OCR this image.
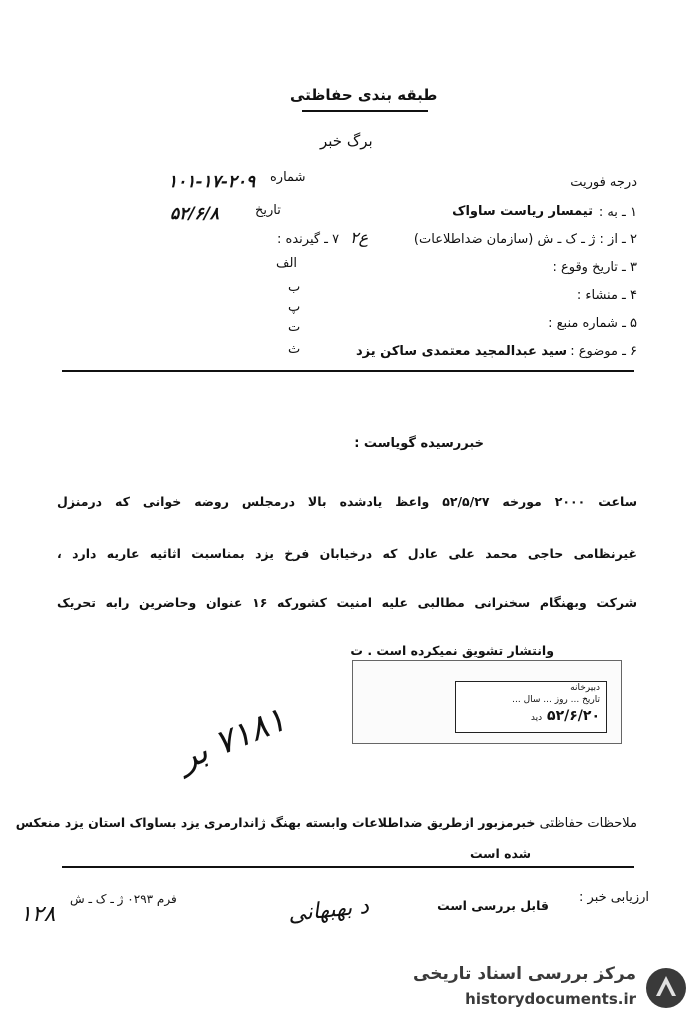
طبقه بندی حفاظتی
برگ خبر
درجه فوریت
شماره
۱۰۱-۱۷-۲۰۹
تاریخ
۵۲/۶/۸	۱ ـ به :
تیمسار ریاست ساواک
۲ ـ از : ژ ـ ک ـ ش (سازمان ضداطلاعات)
ع۲
۷ ـ گیرنده :
۳ ـ تاریخ وقوع :
۴ ـ منشاء :
۵ ـ شماره منبع :
۶ ـ موضوع :
سید عبدالمجید معتمدی ساکن یزد
الف
ب
پ
ت
ث
خبررسیده گویاست :
ساعت ۲۰۰۰ مورخه ۵۲/۵/۲۷ واعظ یادشده بالا درمجلس روضه خوانی که درمنزل
غیرنظامی حاجی محمد علی عادل که درخیابان فرخ یزد بمناسبت اثاثیه عاریه دارد ،
شرکت وبهنگام سخنرانی مطالبی علیه امنیت کشورکه ۱۶ عنوان وحاضرین رابه تحریک
وانتشار تشویق نمیکرده است . ت
دبیرخانه
تاریخ ... روز ... سال ...
۵۲/۶/۲۰ دید
۷۱۸۱ بر
ملاحظات حفاظتی خبرمزبور ازطریق ضداطلاعات وابسته بهنگ ژاندارمری یزد بساواک استان یزد منعکس
شده است
فرم ۰۲۹۳ ژ ـ ک ـ ش	ارزیابی خبر :
قابل بررسی است
د بهبهانی
۱۲۸
مرکز بررسی اسناد تاریخی
historydocuments.ir
